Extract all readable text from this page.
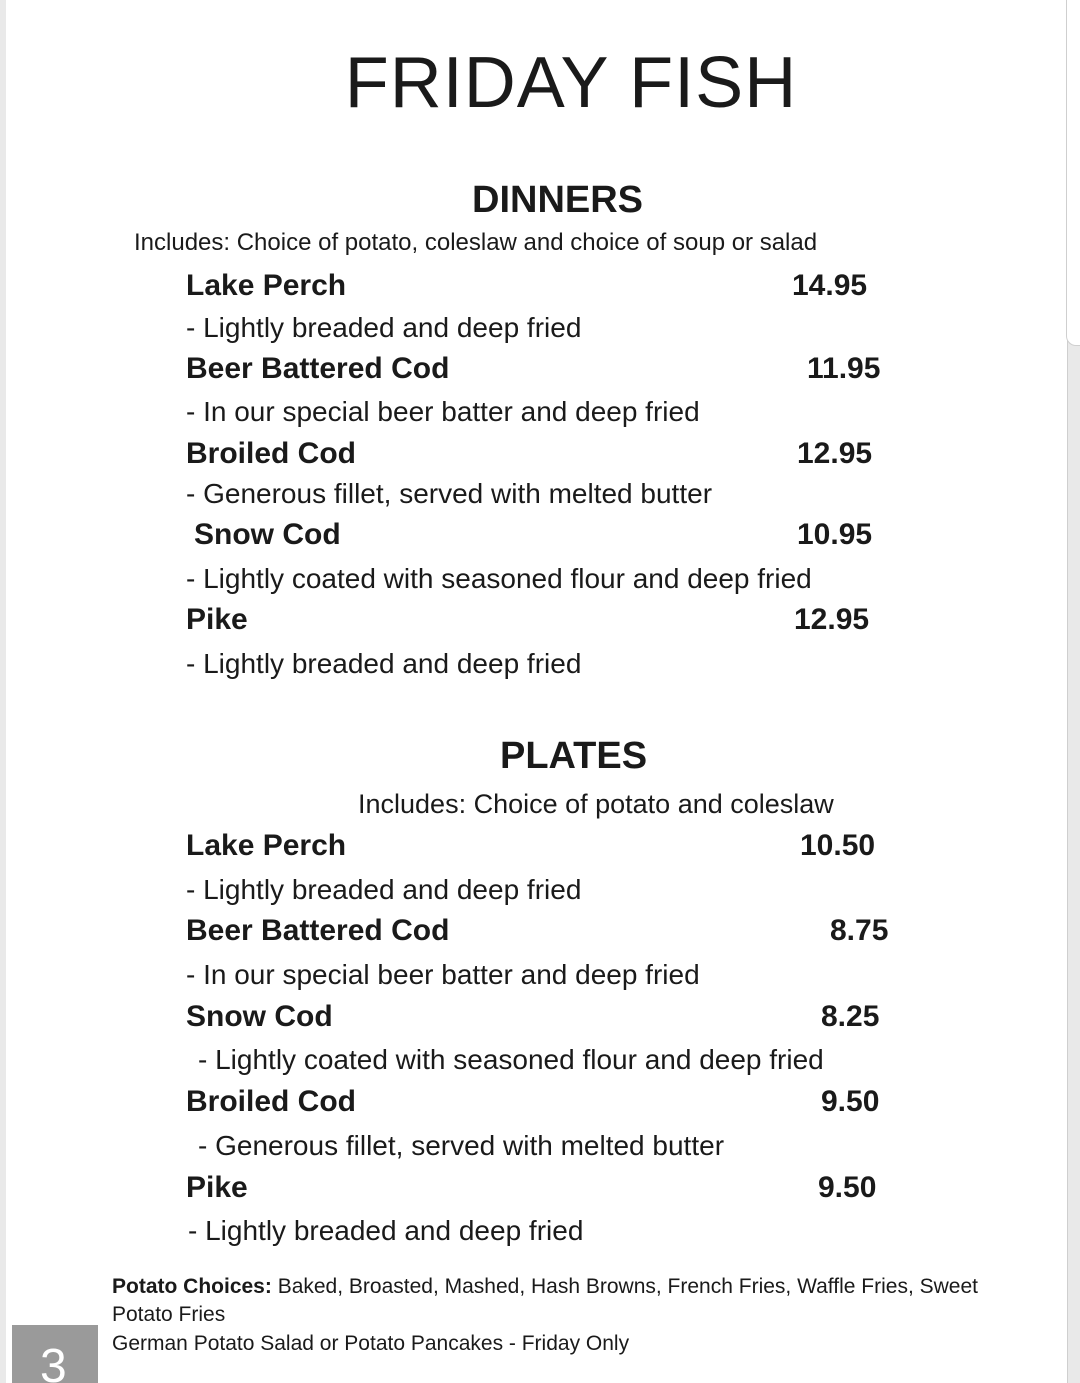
FRIDAY FISH
DINNERS
Includes: Choice of potato, coleslaw and choice of soup or salad
Lake Perch	14.95
- Lightly breaded and deep fried
Beer Battered Cod	11.95
- In our special beer batter and deep fried
Broiled Cod	12.95
- Generous fillet, served with melted butter
Snow Cod	10.95
- Lightly coated with seasoned flour and deep fried
Pike	12.95
- Lightly breaded and deep fried
PLATES
Includes: Choice of potato and coleslaw
Lake Perch	10.50
- Lightly breaded and deep fried
Beer Battered Cod	8.75
- In our special beer batter and deep fried
Snow Cod	8.25
- Lightly coated with seasoned flour and deep fried
Broiled Cod	9.50
- Generous fillet, served with melted butter
Pike	9.50
- Lightly breaded and deep fried
Potato Choices: Baked, Broasted, Mashed, Hash Browns, French Fries, Waffle Fries, Sweet
Potato Fries
German Potato Salad or Potato Pancakes - Friday Only
3
